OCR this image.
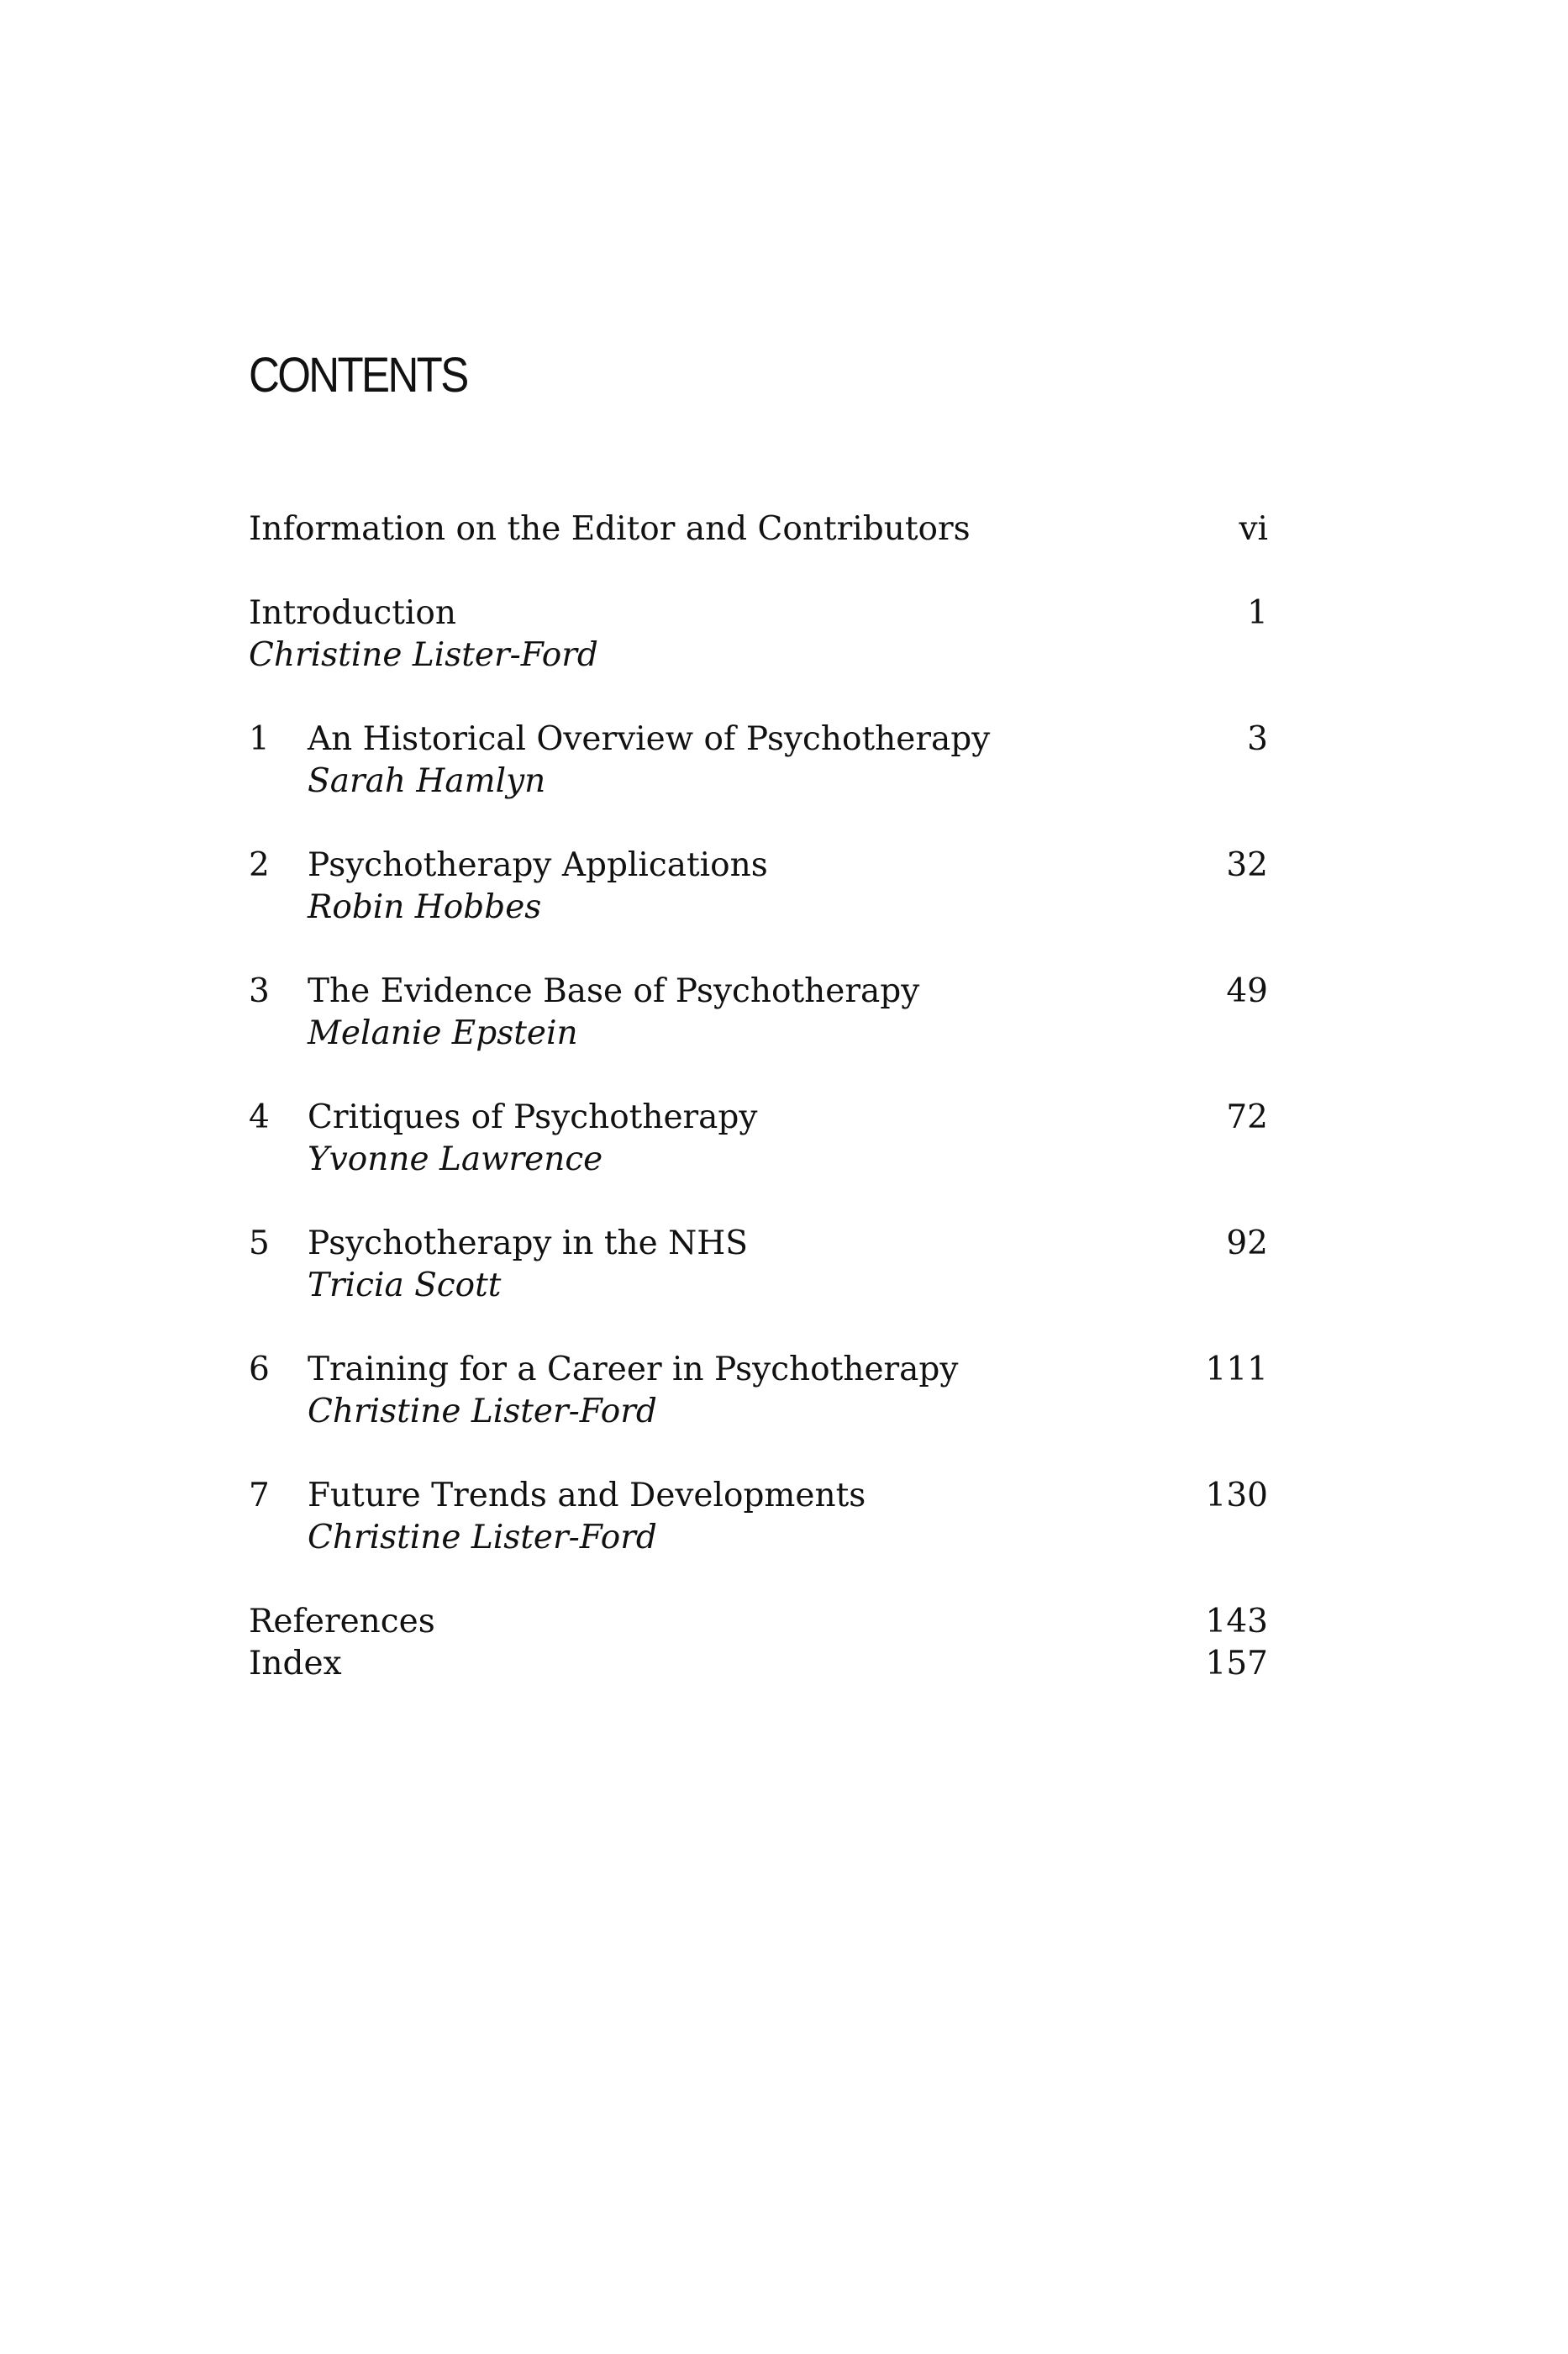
CONTENTS
Information on the Editor and Contributors	vi
Introduction	1
Christine Lister-Ford
1 An Historical Overview of Psychotherapy	3
Sarah Hamlyn
2 Psychotherapy Applications	32
Robin Hobbes
3 The Evidence Base of Psychotherapy	49
Melanie Epstein
4 Critiques of Psychotherapy	72
Yvonne Lawrence
5 Psychotherapy in the NHS	92
Tricia Scott
6 Training for a Career in Psychotherapy	111
Christine Lister-Ford
7 Future Trends and Developments	130
Christine Lister-Ford
References	143
Index	157
